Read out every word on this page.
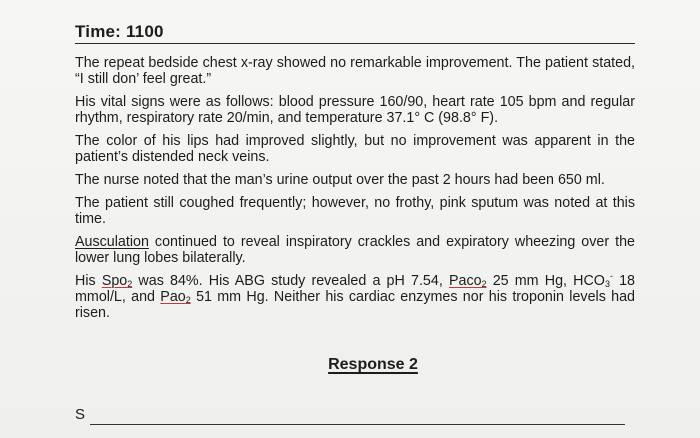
Time: 1100

The repeat bedside chest x-ray showed no remarkable improvement. The patient stated, “I still don’ feel great.”

His vital signs were as follows: blood pressure 160/90, heart rate 105 bpm and regular rhythm, respiratory rate 20/min, and temperature 37.1° C (98.8° F).

The color of his lips had improved slightly, but no improvement was apparent in the patient’s distended neck veins.

The nurse noted that the man’s urine output over the past 2 hours had been 650 ml.

The patient still coughed frequently; however, no frothy, pink sputum was noted at this time.

Ausculation continued to reveal inspiratory crackles and expiratory wheezing over the lower lung lobes bilaterally.

His Spo$_2$ was 84%. His ABG study revealed a pH 7.54, Paco$_2$ 25 mm Hg, $HCO_3^-$ 18 mmol/L, and Pao$_2$ 51 mm Hg. Neither his cardiac enzymes nor his troponin levels had risen.

Response 2
S
